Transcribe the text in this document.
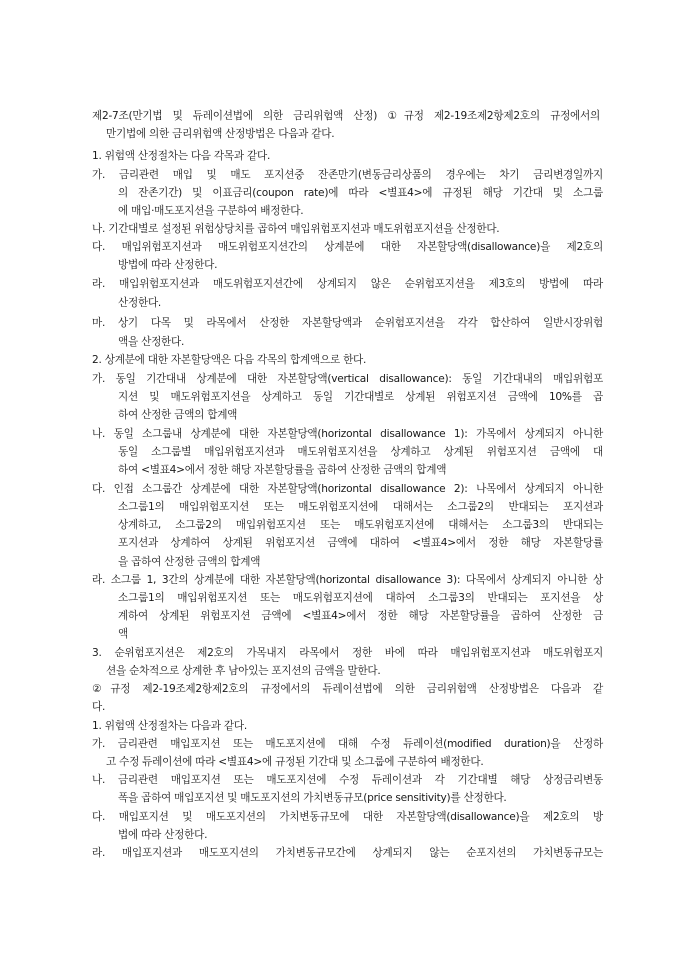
제2-7조(만기법 및 듀레이션법에 의한 금리위험액 산정) ①규정 제2-19조제2항제2호의 규정에서의
만기법에 의한 금리위험액 산정방법은 다음과 같다.
1. 위험액 산정절차는 다음 각목과 같다.
가. 금리관련 매입 및 매도 포지션중 잔존만기(변동금리상품의 경우에는 차기 금리변경일까지
의 잔존기간) 및 이표금리(coupon rate)에 따라 <별표4>에 규정된 해당 기간대 및 소그룹
에 매입·매도포지션을 구분하여 배정한다.
나. 기간대별로 설정된 위험상당치를 곱하여 매입위험포지션과 매도위험포지션을 산정한다.
다. 매입위험포지션과 매도위험포지션간의 상계분에 대한 자본할당액(disallowance)을 제2호의
방법에 따라 산정한다.
라. 매입위험포지션과 매도위험포지션간에 상계되지 않은 순위험포지션을 제3호의 방법에 따라
산정한다.
마. 상기 다목 및 라목에서 산정한 자본할당액과 순위험포지션을 각각 합산하여 일반시장위험
액을 산정한다.
2. 상계분에 대한 자본할당액은 다음 각목의 합계액으로 한다.
가. 동일 기간대내 상계분에 대한 자본할당액(vertical disallowance): 동일 기간대내의 매입위험포
지션 및 매도위험포지션을 상계하고 동일 기간대별로 상계된 위험포지션 금액에 10%를 곱
하여 산정한 금액의 합계액
나. 동일 소그룹내 상계분에 대한 자본할당액(horizontal disallowance 1): 가목에서 상계되지 아니한
동일 소그룹별 매입위험포지션과 매도위험포지션을 상계하고 상계된 위험포지션 금액에 대
하여 <별표4>에서 정한 해당 자본할당률을 곱하여 산정한 금액의 합계액
다. 인접 소그룹간 상계분에 대한 자본할당액(horizontal disallowance 2): 나목에서 상계되지 아니한
소그룹1의 매입위험포지션 또는 매도위험포지션에 대해서는 소그룹2의 반대되는 포지션과
상계하고, 소그룹2의 매입위험포지션 또는 매도위험포지션에 대해서는 소그룹3의 반대되는
포지션과 상계하여 상계된 위험포지션 금액에 대하여 <별표4>에서 정한 해당 자본할당률
을 곱하여 산정한 금액의 합계액
라. 소그룹 1, 3간의 상계분에 대한 자본할당액(horizontal disallowance 3): 다목에서 상계되지 아니한 상
소그룹1의 매입위험포지션 또는 매도위험포지션에 대하여 소그룹3의 반대되는 포지션을 상
계하여 상계된 위험포지션 금액에 <별표4>에서 정한 해당 자본할당률을 곱하여 산정한 금
액
3. 순위험포지션은 제2호의 가목내지 라목에서 정한 바에 따라 매입위험포지션과 매도위험포지
션을 순차적으로 상계한 후 남아있는 포지션의 금액을 말한다.
②규정 제2-19조제2항제2호의 규정에서의 듀레이션법에 의한 금리위험액 산정방법은 다음과 같
다.
1. 위험액 산정절차는 다음과 같다.
가. 금리관련 매입포지션 또는 매도포지션에 대해 수정 듀레이션(modified duration)을 산정하
고 수정 듀레이션에 따라 <별표4>에 규정된 기간대 및 소그룹에 구분하여 배정한다.
나. 금리관련 매입포지션 또는 매도포지션에 수정 듀레이션과 각 기간대별 해당 상정금리변동
폭을 곱하여 매입포지션 및 매도포지션의 가치변동규모(price sensitivity)를 산정한다.
다. 매입포지션 및 매도포지션의 가치변동규모에 대한 자본할당액(disallowance)을 제2호의 방
법에 따라 산정한다.
라. 매입포지션과 매도포지션의 가치변동규모간에 상계되지 않는 순포지션의 가치변동규모는
